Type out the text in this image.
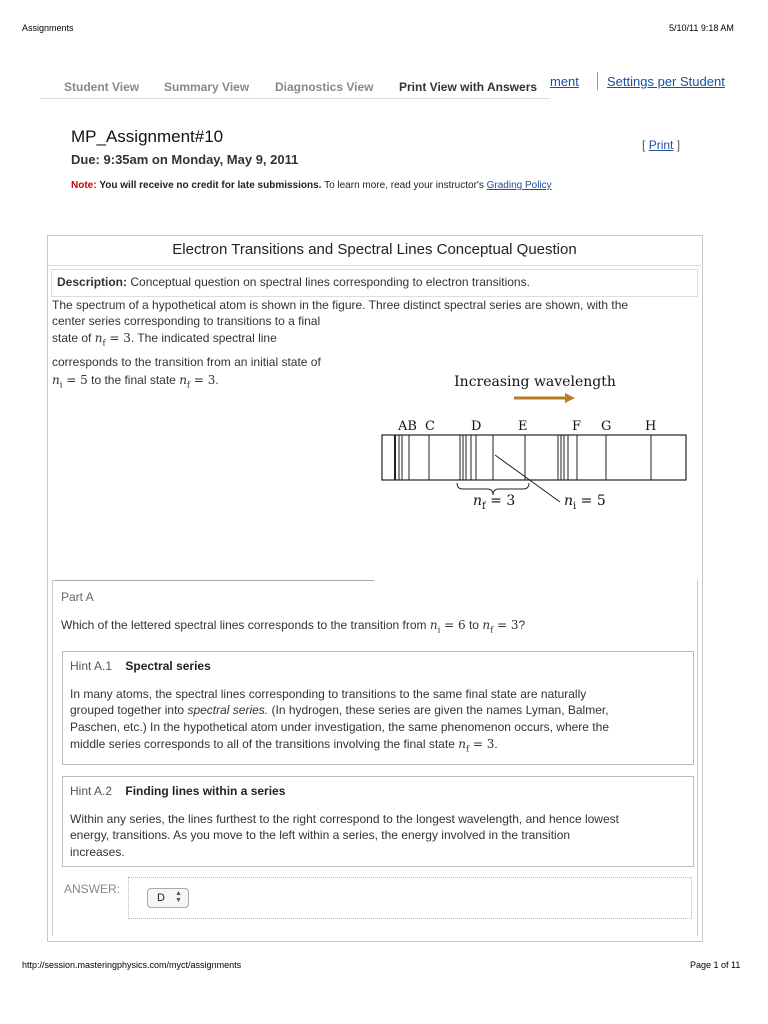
Assignments	5/10/11 9:18 AM
Student View Summary View Diagnostics View Print View with Answers ment Settings per Student
MP_Assignment#10
Due: 9:35am on Monday, May 9, 2011
[ Print ]
Note: You will receive no credit for late submissions. To learn more, read your instructor's Grading Policy
Electron Transitions and Spectral Lines Conceptual Question
Description: Conceptual question on spectral lines corresponding to electron transitions.
The spectrum of a hypothetical atom is shown in the figure. Three distinct spectral series are shown, with the
center series corresponding to transitions to a final
state of $n_f = 3$. The indicated spectral line
corresponds to the transition from an initial state of
$n_i = 5$ to the final state $n_f = 3$.	Increasing wavelength
AB C	D	E	F G	H
$n_f = 3$	$n_i = 5$
Part A
Which of the lettered spectral lines corresponds to the transition from $n_i = 6$ to $n_f = 3$?
Hint A.1 Spectral series
In many atoms, the spectral lines corresponding to transitions to the same final state are naturally
grouped together into spectral series. (In hydrogen, these series are given the names Lyman, Balmer,
Paschen, etc.) In the hypothetical atom under investigation, the same phenomenon occurs, where the
middle series corresponds to all of the transitions involving the final state $n_f = 3$.
Hint A.2 Finding lines within a series
Within any series, the lines furthest to the right correspond to the longest wavelength, and hence lowest
energy, transitions. As you move to the left within a series, the energy involved in the transition
increases.
ANSWER:
D ▲
▼
http://session.masteringphysics.com/myct/assignments	Page 1 of 11
